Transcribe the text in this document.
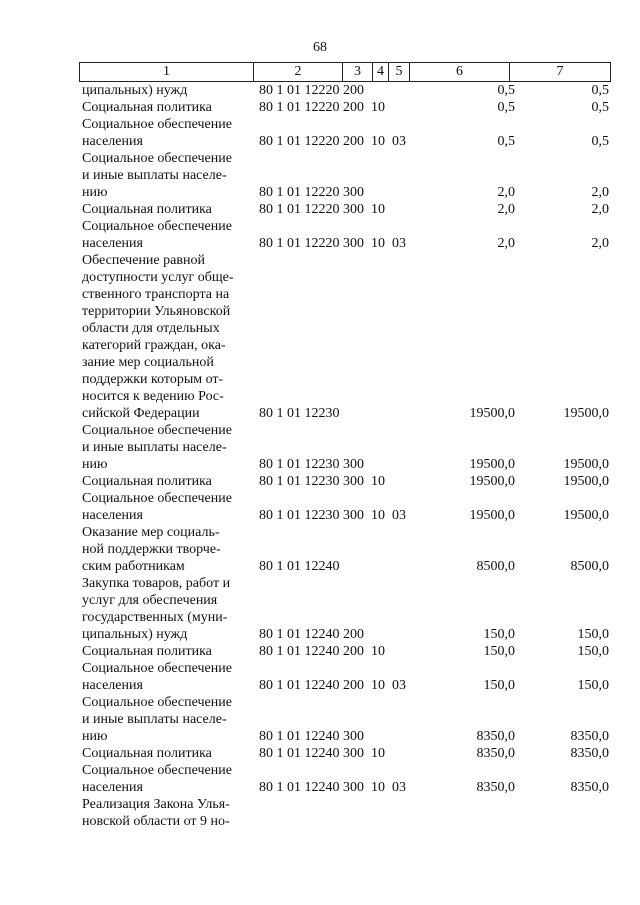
68
1	2	3	4 5	6	7
ципальных) нужд	80 1 01 12220 200	0,5	0,5
Социальная политика	80 1 01 12220 200  10	0,5	0,5
Социальное обеспечение
населения	80 1 01 12220 200  10  03	0,5	0,5
Социальное обеспечение
и иные выплаты населе-
нию	80 1 01 12220 300	2,0	2,0
Социальная политика	80 1 01 12220 300  10	2,0	2,0
Социальное обеспечение
населения	80 1 01 12220 300  10  03	2,0	2,0
Обеспечение равной
доступности услуг обще-
ственного транспорта на
территории Ульяновской
области для отдельных
категорий граждан, ока-
зание мер социальной
поддержки которым от-
носится к ведению Рос-
сийской Федерации	80 1 01 12230	19500,0	19500,0
Социальное обеспечение
и иные выплаты населе-
нию	80 1 01 12230 300	19500,0	19500,0
Социальная политика	80 1 01 12230 300  10	19500,0	19500,0
Социальное обеспечение
населения	80 1 01 12230 300  10  03	19500,0	19500,0
Оказание мер социаль-
ной поддержки творче-
ским работникам	80 1 01 12240	8500,0	8500,0
Закупка товаров, работ и
услуг для обеспечения
государственных (муни-
ципальных) нужд	80 1 01 12240 200	150,0	150,0
Социальная политика	80 1 01 12240 200  10	150,0	150,0
Социальное обеспечение
населения	80 1 01 12240 200  10  03	150,0	150,0
Социальное обеспечение
и иные выплаты населе-
нию	80 1 01 12240 300	8350,0	8350,0
Социальная политика	80 1 01 12240 300  10	8350,0	8350,0
Социальное обеспечение
населения	80 1 01 12240 300  10  03	8350,0	8350,0
Реализация Закона Улья-
новской области от 9 но-
